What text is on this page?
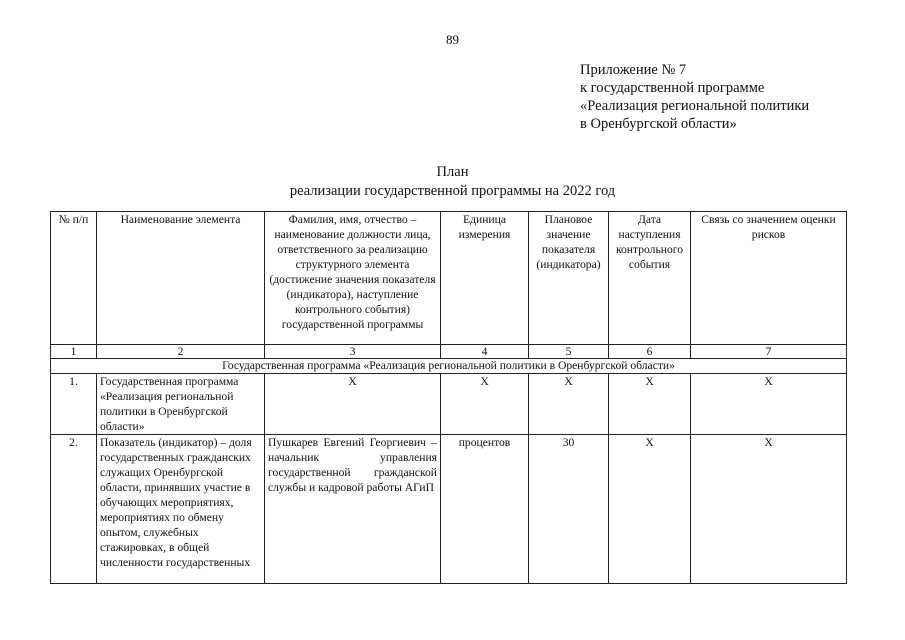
89
Приложение № 7
к государственной программе
«Реализация региональной политики
в Оренбургской области»
План
реализации государственной программы на 2022 год
№ п/п	Наименование элемента	Фамилия, имя, отчество – наименование должности лица, ответственного за реализацию структурного элемента (достижение значения показателя (индикатора), наступление контрольного события) государственной программы	Единица измерения	Плановое значение показателя (индикатора)	Дата наступления контрольного события	Связь со значением оценки рисков
1	2	3	4	5	6	7
Государственная программа «Реализация региональной политики в Оренбургской области»						
1.	Государственная программа «Реализация региональной политики в Оренбургской области»	Х	Х	Х	Х	Х
2.	Показатель (индикатор) – доля государственных гражданских служащих Оренбургской области, принявших участие в обучающих мероприятиях, мероприятиях по обмену опытом, служебных стажировках, в общей численности государственных	Пушкарев Евгений Георгиевич – начальник управления государственной гражданской службы и кадровой работы АГиП	процентов	30	Х	Х
